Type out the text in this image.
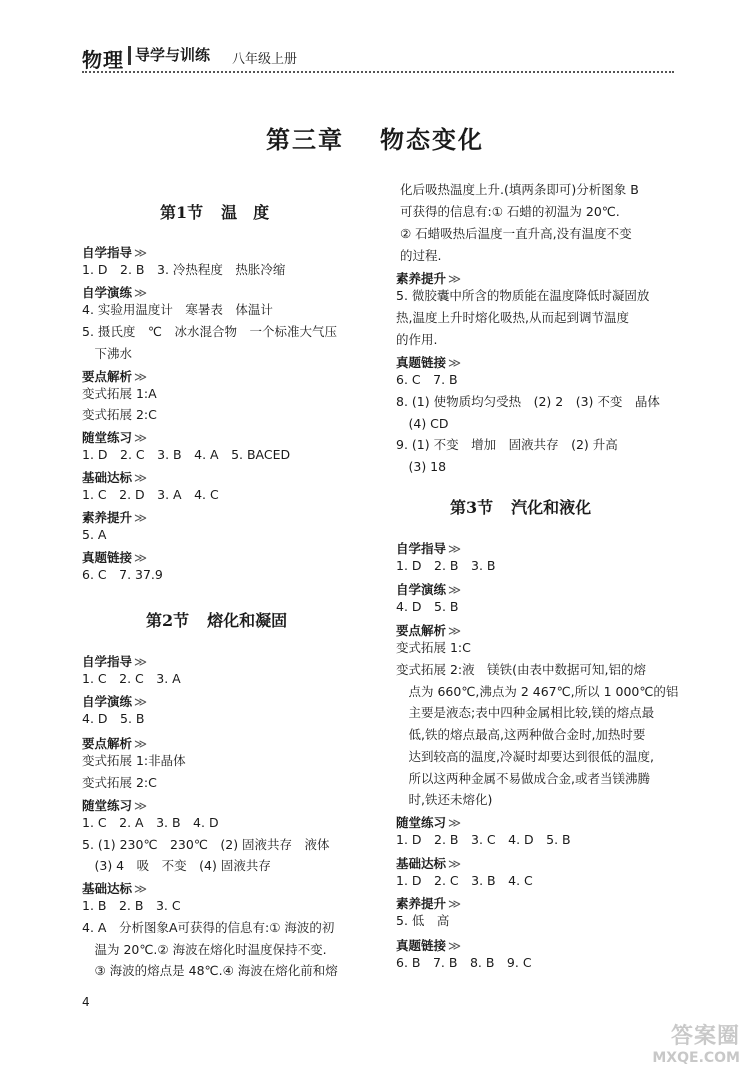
物理 导学与训练	八年级上册
第三章 物态变化
第1节 温　度
自学指导 ≫
1. D　2. B　3. 冷热程度　热胀冷缩
自学演练 ≫
4. 实验用温度计　寒暑表　体温计
5. 摄氏度　℃　冰水混合物　一个标准大气压
　下沸水
要点解析 ≫
变式拓展 1:A
变式拓展 2:C
随堂练习 ≫
1. D　2. C　3. B　4. A　5. BACED
基础达标 ≫
1. C　2. D　3. A　4. C
素养提升 ≫
5. A
真题链接 ≫
6. C　7. 37.9
第2节 熔化和凝固
自学指导 ≫
1. C　2. C　3. A
自学演练 ≫
4. D　5. B
要点解析 ≫
变式拓展 1:非晶体
变式拓展 2:C
随堂练习 ≫
1. C　2. A　3. B　4. D
5. (1) 230℃　230℃　(2) 固液共存　液体
　(3) 4　吸　不变　(4) 固液共存
基础达标 ≫
1. B　2. B　3. C
4. A　分析图象A可获得的信息有:① 海波的初
　温为 20℃.② 海波在熔化时温度保持不变.
　③ 海波的熔点是 48℃.④ 海波在熔化前和熔
化后吸热温度上升.(填两条即可)分析图象 B
可获得的信息有:① 石蜡的初温为 20℃.
② 石蜡吸热后温度一直升高,没有温度不变
的过程.
素养提升 ≫
5. 微胶囊中所含的物质能在温度降低时凝固放
热,温度上升时熔化吸热,从而起到调节温度
的作用.
真题链接 ≫
6. C　7. B
8. (1) 使物质均匀受热　(2) 2　(3) 不变　晶体
　(4) CD
9. (1) 不变　增加　固液共存　(2) 升高
　(3) 18
第3节 汽化和液化
自学指导 ≫
1. D　2. B　3. B
自学演练 ≫
4. D　5. B
要点解析 ≫
变式拓展 1:C
变式拓展 2:液　镁铁(由表中数据可知,铝的熔
　点为 660℃,沸点为 2 467℃,所以 1 000℃的铝
　主要是液态;表中四种金属相比较,镁的熔点最
　低,铁的熔点最高,这两种做合金时,加热时要
　达到较高的温度,冷凝时却要达到很低的温度,
　所以这两种金属不易做成合金,或者当镁沸腾
　时,铁还未熔化)
随堂练习 ≫
1. D　2. B　3. C　4. D　5. B
基础达标 ≫
1. D　2. C　3. B　4. C
素养提升 ≫
5. 低　高
真题链接 ≫
6. B　7. B　8. B　9. C
4
答案圈
MXQE.COM
